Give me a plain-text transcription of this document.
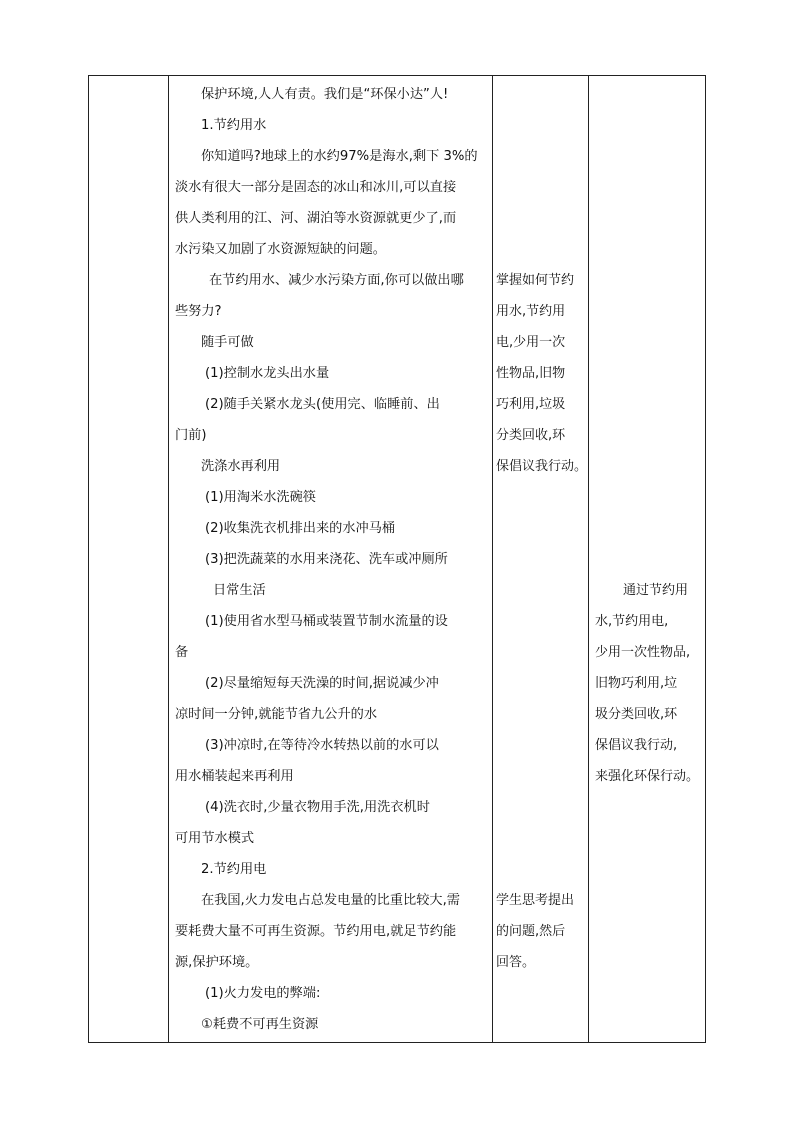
保护环境,人人有责。我们是“环保小达”人!
1.节约用水
你知道吗?地球上的水约97%是海水,剩下 3%的
淡水有很大一部分是固态的冰山和冰川,可以直接
供人类利用的江、河、湖泊等水资源就更少了,而
水污染又加剧了水资源短缺的问题。
在节约用水、减少水污染方面,你可以做出哪
些努力?
随手可做
(1)控制水龙头出水量
(2)随手关紧水龙头(使用完、临睡前、出
门前)
洗涤水再利用
(1)用淘米水洗碗筷
(2)收集洗衣机排出来的水冲马桶
(3)把洗蔬菜的水用来浇花、洗车或冲厕所
日常生活
(1)使用省水型马桶或装置节制水流量的设
备
(2)尽量缩短每天洗澡的时间,据说减少冲
凉时间一分钟,就能节省九公升的水
(3)冲凉时,在等待冷水转热以前的水可以
用水桶装起来再利用
(4)洗衣时,少量衣物用手洗,用洗衣机时
可用节水模式
2.节约用电
在我国,火力发电占总发电量的比重比较大,需
要耗费大量不可再生资源。节约用电,就足节约能
源,保护环境。
(1)火力发电的弊端:
①耗费不可再生资源
掌握如何节约
用水,节约用
电,少用一次
性物品,旧物
巧利用,垃圾
分类回收,环
保倡议我行动。
学生思考提出
的问题,然后
回答。
通过节约用
水,节约用电,
少用一次性物品,
旧物巧利用,垃
圾分类回收,环
保倡议我行动,
来强化环保行动。
